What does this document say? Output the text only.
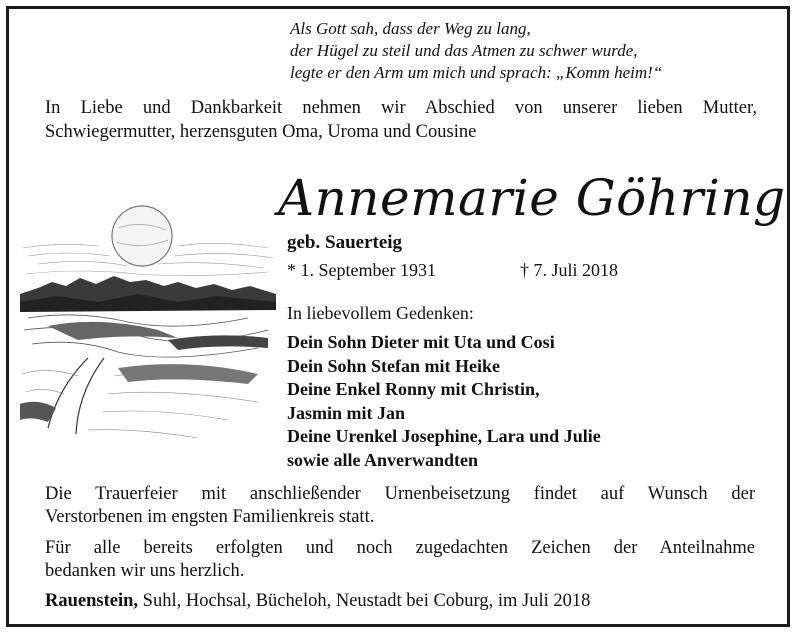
Als Gott sah, dass der Weg zu lang,
der Hügel zu steil und das Atmen zu schwer wurde,
legte er den Arm um mich und sprach: „Komm heim!“
In Liebe und Dankbarkeit nehmen wir Abschied von unserer lieben Mutter,
Schwiegermutter, herzensguten Oma, Uroma und Cousine
Annemarie Göhring
geb. Sauerteig
* 1. September 1931	† 7. Juli 2018
In liebevollem Gedenken:
Dein Sohn Dieter mit Uta und Cosi
Dein Sohn Stefan mit Heike
Deine Enkel Ronny mit Christin,
Jasmin mit Jan
Deine Urenkel Josephine, Lara und Julie
sowie alle Anverwandten
Die Trauerfeier mit anschließender Urnenbeisetzung findet auf Wunsch der
Verstorbenen im engsten Familienkreis statt.
Für alle bereits erfolgten und noch zugedachten Zeichen der Anteilnahme
bedanken wir uns herzlich.
Rauenstein, Suhl, Hochsal, Bücheloh, Neustadt bei Coburg, im Juli 2018
